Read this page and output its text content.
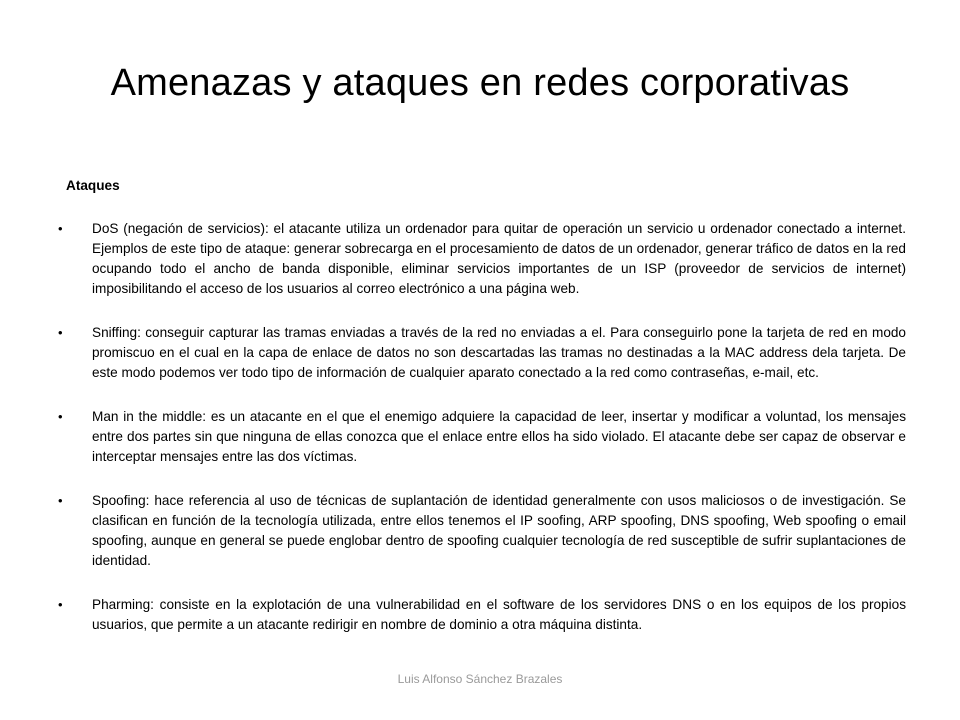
Amenazas y ataques en redes corporativas
Luis Alfonso Sánchez Brazales
Ataques
• DoS (negación de servicios): el atacante utiliza un ordenador para quitar de operación un servicio u ordenador conectado a internet. Ejemplos de este tipo de ataque: generar sobrecarga en el procesamiento de datos de un ordenador, generar tráfico de datos en la red ocupando todo el ancho de banda disponible, eliminar servicios importantes de un ISP (proveedor de servicios de internet) imposibilitando el acceso de los usuarios al correo electrónico a una página web.
• Sniffing: conseguir capturar las tramas enviadas a través de la red no enviadas a el. Para conseguirlo pone la tarjeta de red en modo promiscuo en el cual en la capa de enlace de datos no son descartadas las tramas no destinadas a la MAC address dela tarjeta. De este modo podemos ver todo tipo de información de cualquier aparato conectado a la red como contraseñas, e-mail, etc.
• Man in the middle: es un atacante en el que el enemigo adquiere la capacidad de leer, insertar y modificar a voluntad, los mensajes entre dos partes sin que ninguna de ellas conozca que el enlace entre ellos ha sido violado. El atacante debe ser capaz de observar e interceptar mensajes entre las dos víctimas.
• Spoofing: hace referencia al uso de técnicas de suplantación de identidad generalmente con usos maliciosos o de investigación. Se clasifican en función de la tecnología utilizada, entre ellos tenemos el IP soofing, ARP spoofing, DNS spoofing, Web spoofing o email spoofing, aunque en general se puede englobar dentro de spoofing cualquier tecnología de red susceptible de sufrir suplantaciones de identidad.
• Pharming: consiste en la explotación de una vulnerabilidad en el software de los servidores DNS o en los equipos de los propios usuarios, que permite a un atacante redirigir en nombre de dominio a otra máquina distinta.
